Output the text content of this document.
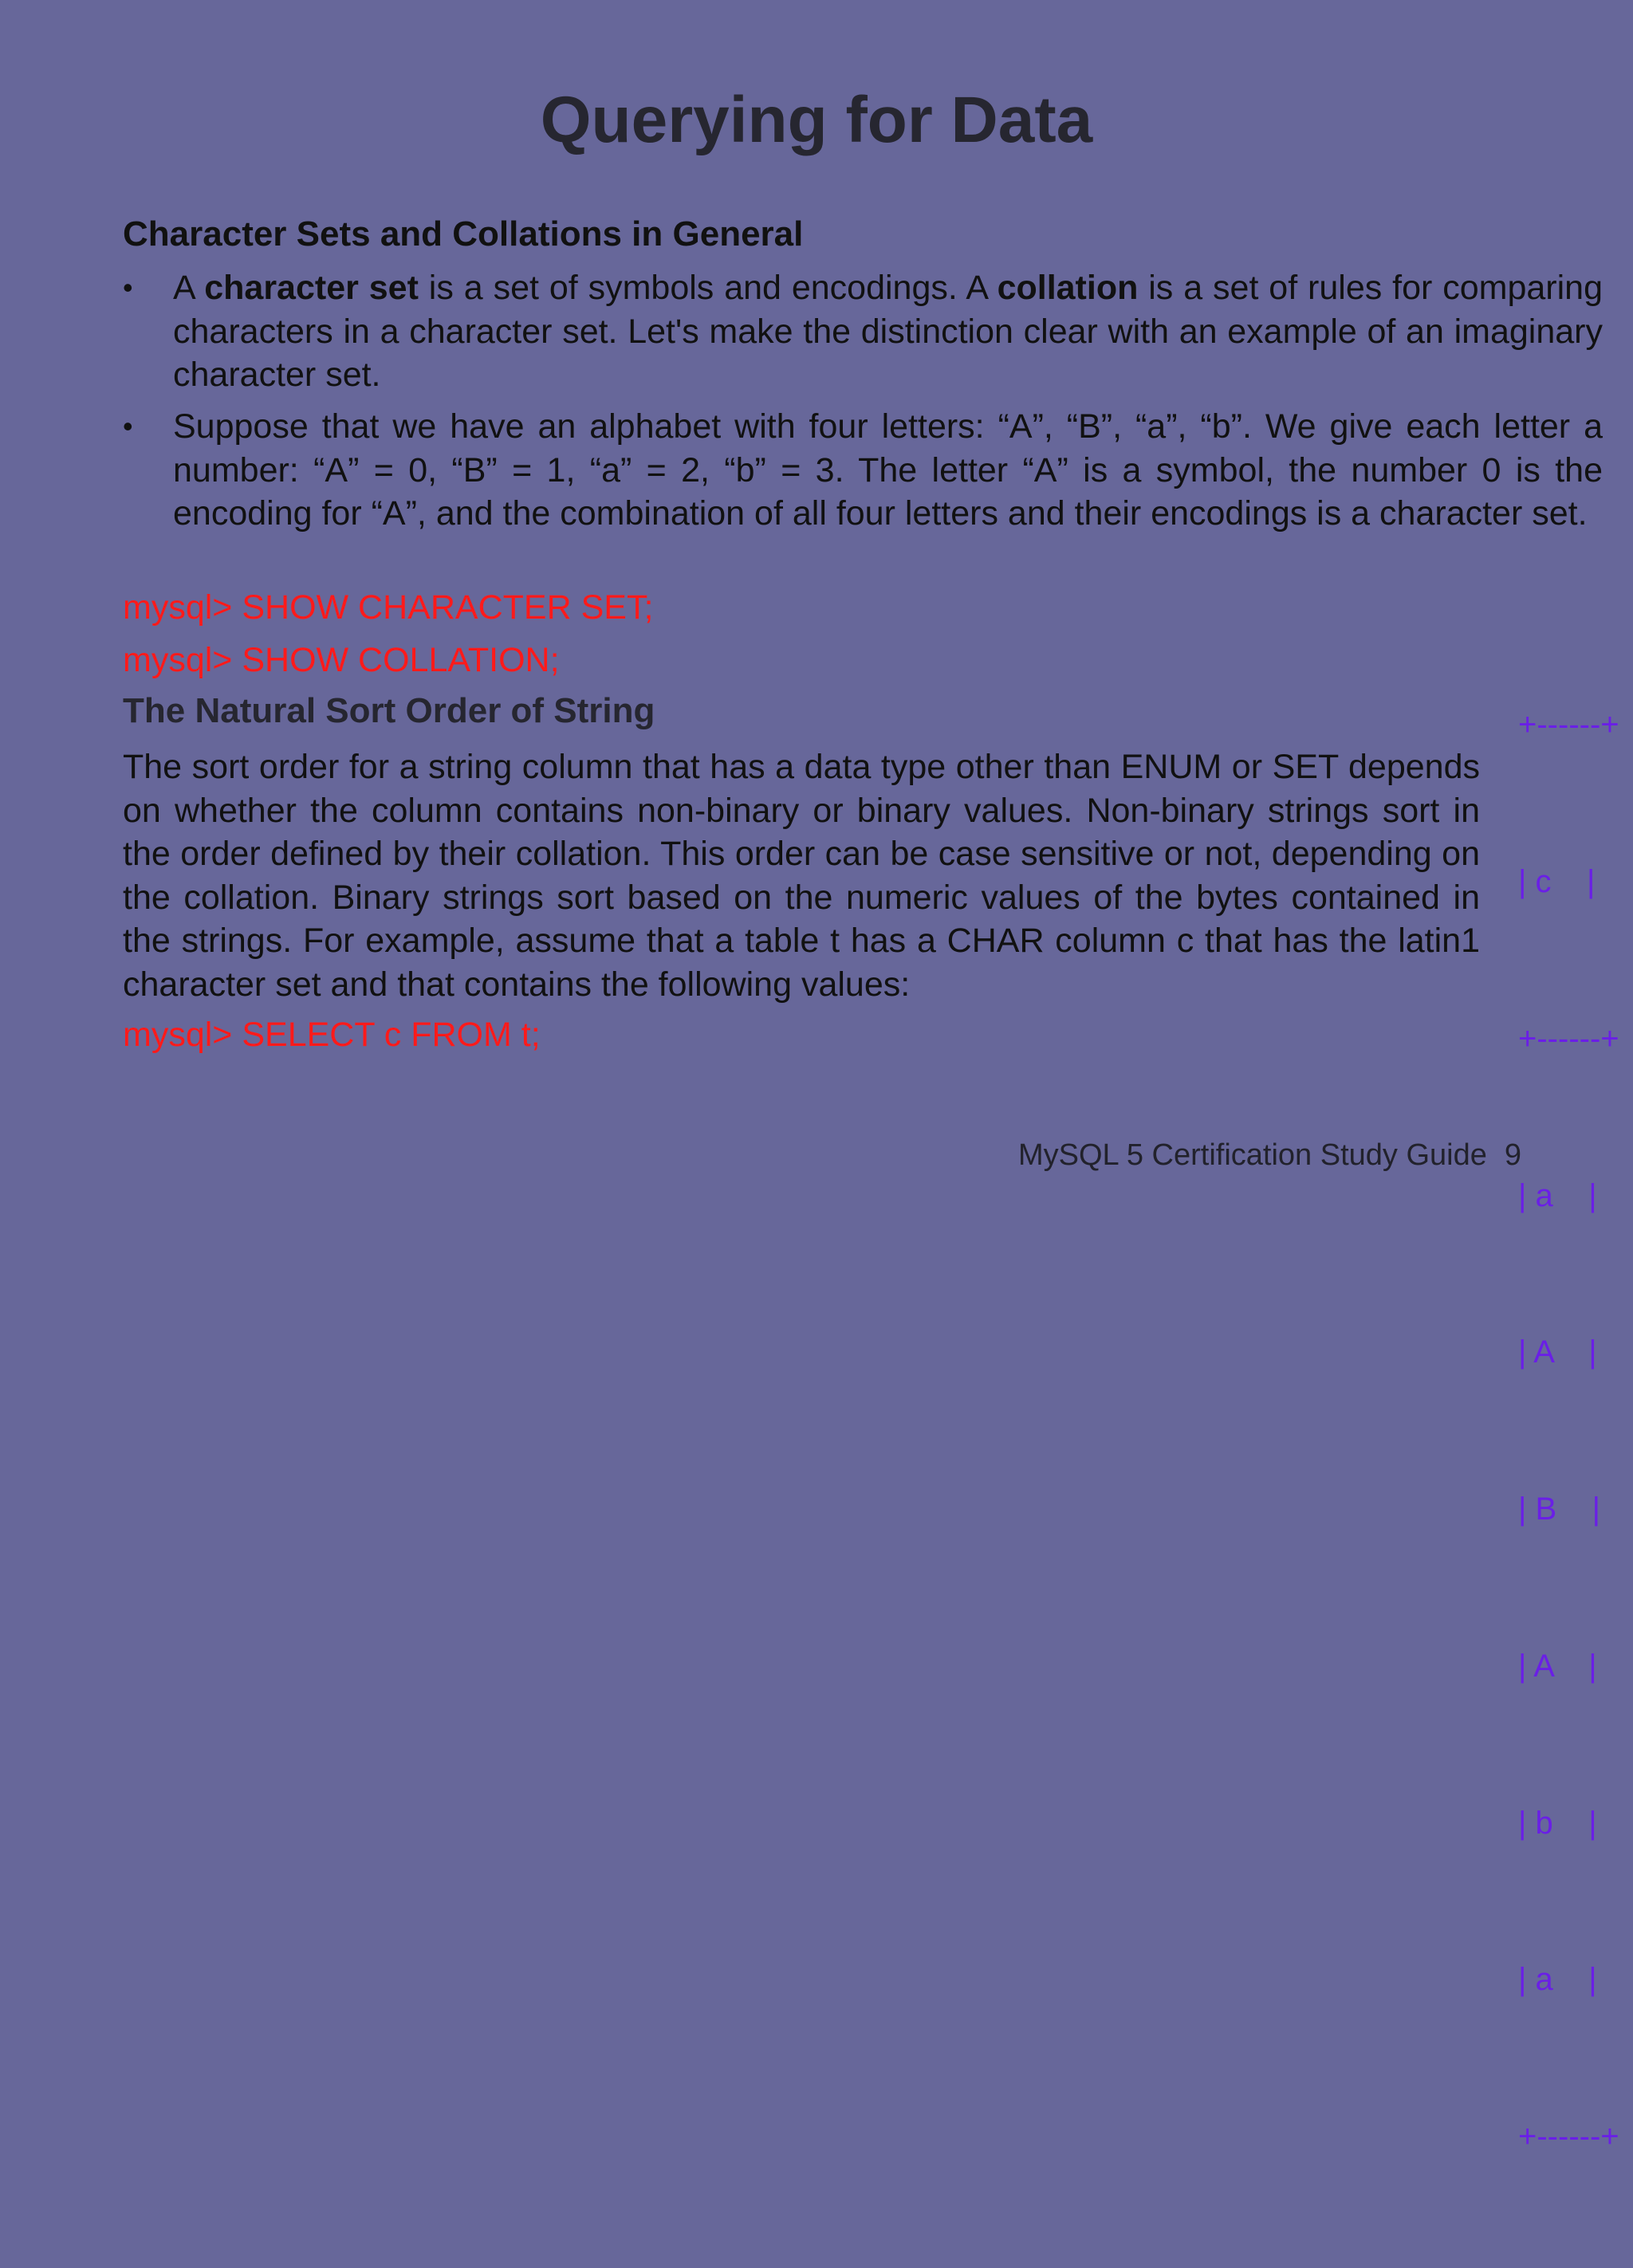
Querying for Data
Character Sets and Collations in General
• A character set is a set of symbols and encodings. A collation is a set of rules for comparing characters in a character set. Let's make the distinction clear with an example of an imaginary character set.
• Suppose that we have an alphabet with four letters: “A”, “B”, “a”, “b”. We give each letter a number: “A” = 0, “B” = 1, “a” = 2, “b” = 3. The letter “A” is a symbol, the number 0 is the encoding for “A”, and the combination of all four letters and their encodings is a character set.
mysql> SHOW CHARACTER SET;
mysql> SHOW COLLATION;
The Natural Sort Order of String
The sort order for a string column that has a data type other than ENUM or SET depends on whether the column contains non-binary or binary values. Non-binary strings sort in the order defined by their collation. This order can be case sensitive or not, depending on the collation. Binary strings sort based on the numeric values of the bytes contained in the strings. For example, assume that a table t has a CHAR column c that has the latin1 character set and that contains the following values:
mysql> SELECT c FROM t;

+------+

| c    |

+------+

| a    |

| A    |

| B    |

| A    |

| b    |

| a    |

+------+

MySQL 5 Certification Study Guide 9
